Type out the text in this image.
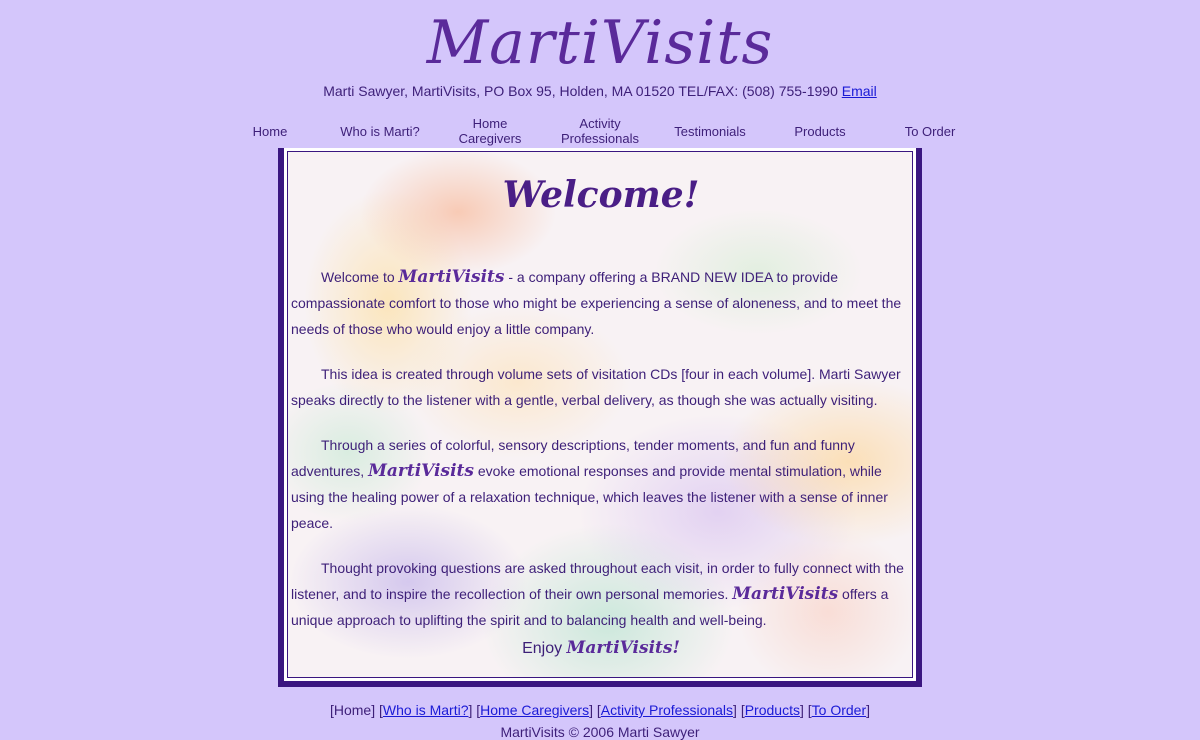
MartiVisits
Marti Sawyer, MartiVisits, PO Box 95, Holden, MA 01520 TEL/FAX: (508) 755-1990 Email
Home	Who is Marti?	Home
Caregivers
Activity
Professionals	Testimonials	Products	To Order
Welcome!

Welcome to MartiVisits - a company offering a BRAND NEW IDEA to provide compassionate comfort to those who might be experiencing a sense of aloneness, and to meet the needs of those who would enjoy a little company.

This idea is created through volume sets of visitation CDs [four in each volume]. Marti Sawyer speaks directly to the listener with a gentle, verbal delivery, as though she was actually visiting.

Through a series of colorful, sensory descriptions, tender moments, and fun and funny adventures, MartiVisits evoke emotional responses and provide mental stimulation, while using the healing power of a relaxation technique, which leaves the listener with a sense of inner peace.

Thought provoking questions are asked throughout each visit, in order to fully connect with the listener, and to inspire the recollection of their own personal memories. MartiVisits offers a unique approach to uplifting the spirit and to balancing health and well-being.

Enjoy MartiVisits!
[Home] [Who is Marti?] [Home Caregivers] [Activity Professionals] [Products] [To Order]
MartiVisits © 2006 Marti Sawyer
